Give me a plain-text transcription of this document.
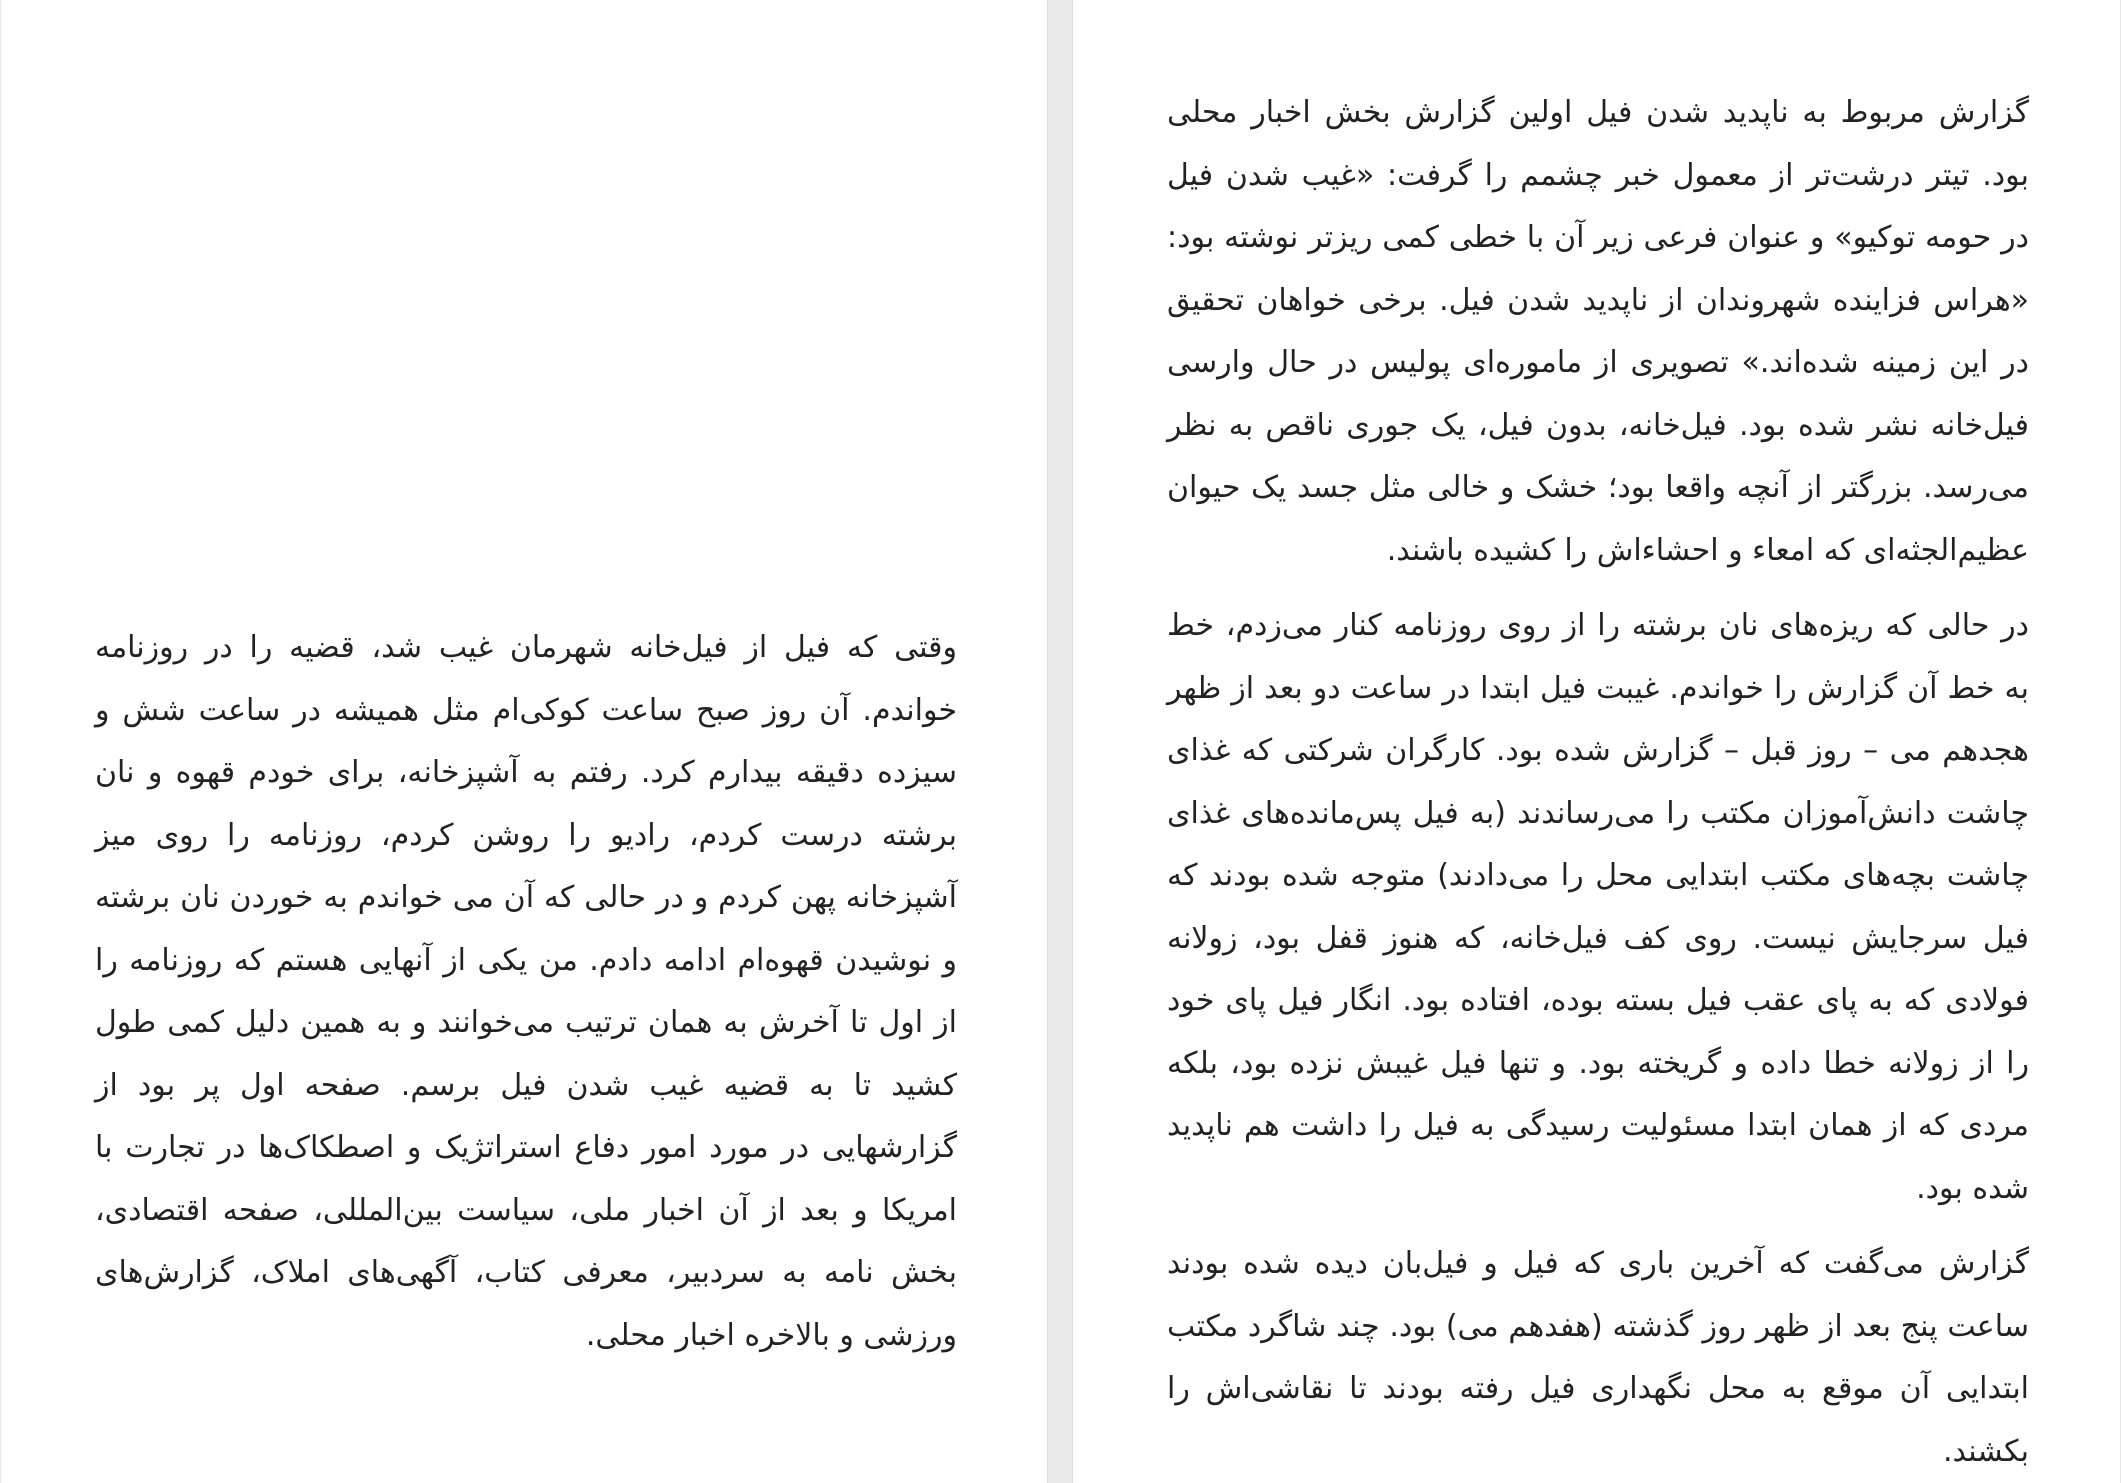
وقتی که فیل از فیل‌خانه شهرمان غیب شد، قضیه را در روزنامه خواندم. آن روز صبح ساعت کوکی‌ام مثل همیشه در ساعت شش و سیزده دقیقه بیدارم کرد. رفتم به آشپزخانه، برای خودم قهوه و نان برشته درست کردم، رادیو را روشن کردم، روزنامه را روی میز آشپزخانه پهن کردم و در حالی که آن می خواندم به خوردن نان برشته و نوشیدن قهوه‌ام ادامه دادم. من یکی از آنهایی هستم که روزنامه را از اول تا آخرش به همان ترتیب می‌خوانند و به همین دلیل کمی طول کشید تا به قضیه غیب شدن فیل برسم. صفحه اول پر بود از گزارشهایی در مورد امور دفاع استراتژیک و اصطکاک‌ها در تجارت با امریکا و بعد از آن اخبار ملی، سیاست بین‌المللی، صفحه اقتصادی، بخش نامه به سردبیر، معرفی کتاب، آگهی‌های املاک، گزارش‌های ورزشی و بالاخره اخبار محلی.

گزارش مربوط به ناپدید شدن فیل اولین گزارش بخش اخبار محلی بود. تیتر درشت‌تر از معمول خبر چشمم را گرفت: «غیب شدن فیل در حومه توکیو» و عنوان فرعی زیر آن با خطی کمی ریزتر نوشته بود: «هراس فزاینده شهروندان از ناپدید شدن فیل. برخی خواهان تحقیق در این زمینه شده‌اند.» تصویری از ماموره‌ای پولیس در حال وارسی فیل‌خانه نشر شده بود. فیل‌خانه، بدون فیل، یک جوری ناقص به نظر می‌رسد. بزرگتر از آنچه واقعا بود؛ خشک و خالی مثل جسد یک حیوان عظیم‌الجثه‌ای که امعاء و احشاءاش را کشیده باشند.

در حالی که ریزه‌های نان برشته را از روی روزنامه کنار می‌زدم، خط به خط آن گزارش را خواندم. غیبت فیل ابتدا در ساعت دو بعد از ظهر هجدهم می – روز قبل – گزارش شده بود. کارگران شرکتی که غذای چاشت دانش‌آموزان مکتب را می‌رساندند (به فیل پس‌مانده‌های غذای چاشت بچه‌های مکتب ابتدایی محل را می‌دادند) متوجه شده بودند که فیل سرجایش نیست. روی کف فیل‌خانه، که هنوز قفل بود، زولانه فولادی که به پای عقب فیل بسته بوده، افتاده بود. انگار فیل پای خود را از زولانه خطا داده و گریخته بود. و تنها فیل غیبش نزده بود، بلکه مردی که از همان ابتدا مسئولیت رسیدگی به فیل را داشت هم ناپدید شده بود.

گزارش می‌گفت که آخرین باری که فیل و فیل‌بان دیده شده بودند ساعت پنج بعد از ظهر روز گذشته (هفدهم می) بود. چند شاگرد مکتب ابتدایی آن موقع به محل نگهداری فیل رفته بودند تا نقاشی‌اش را بکشند.
